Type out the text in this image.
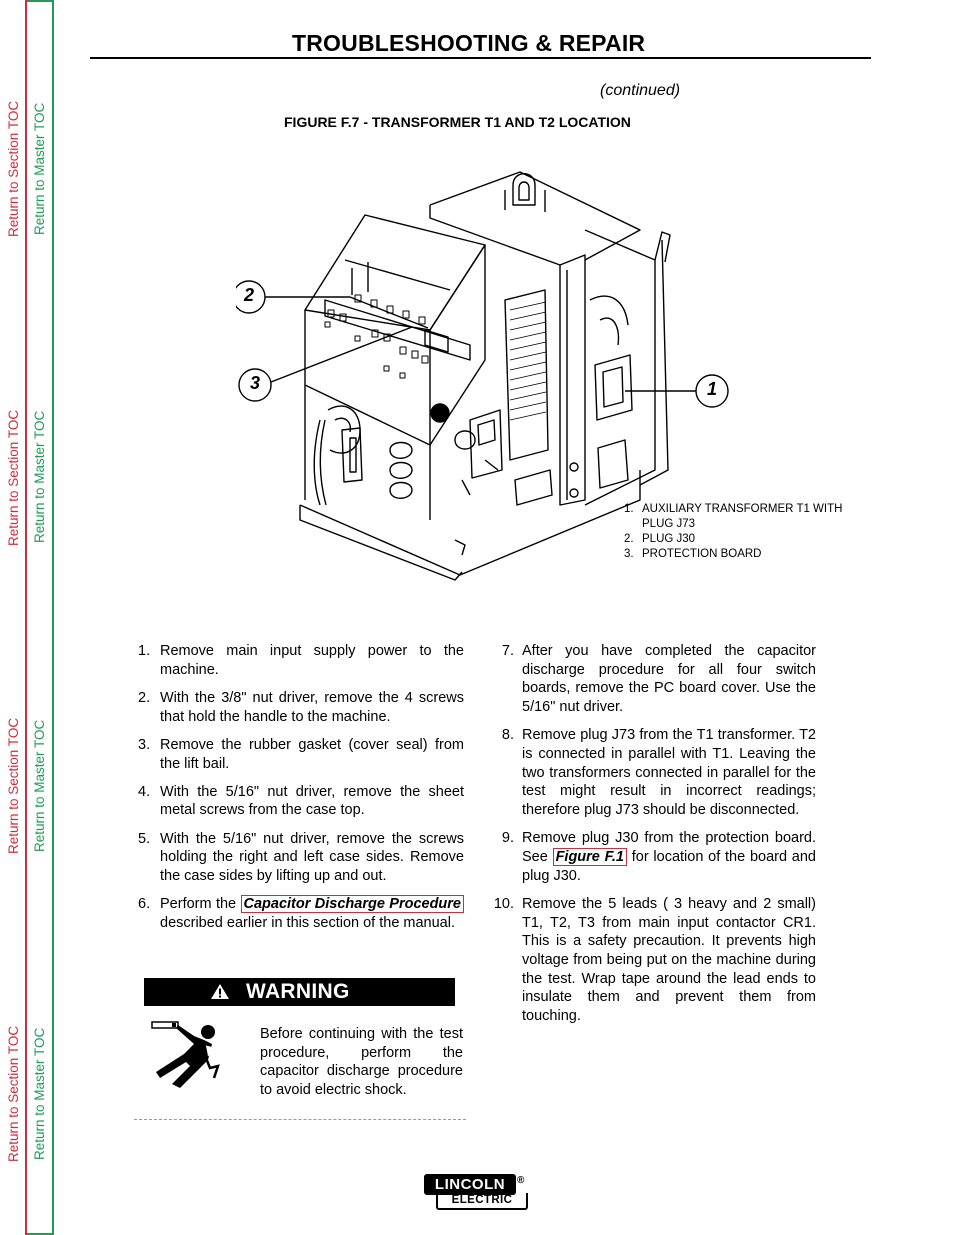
Return to Section TOC Return to Master TOC
Return to Section TOC Return to Master TOC
Return to Section TOC Return to Master TOC
Return to Section TOC Return to Master TOC
TROUBLESHOOTING & REPAIR
(continued)
FIGURE F.7 - TRANSFORMER T1 AND T2 LOCATION
2
3	1
1. AUXILIARY TRANSFORMER T1 WITH PLUG J73
2. PLUG J30
3. PROTECTION BOARD
1. Remove main input supply power to the machine.
2. With the 3/8" nut driver, remove the 4 screws that hold the handle to the machine.
3. Remove the rubber gasket (cover seal) from the lift bail.
4. With the 5/16" nut driver, remove the sheet metal screws from the case top.
5. With the 5/16" nut driver, remove the screws holding the right and left case sides. Remove the case sides by lifting up and out.
6. Perform the Capacitor Discharge Procedure described earlier in this section of the manual.
WARNING
Before continuing with the test procedure, perform the capacitor discharge procedure to avoid electric shock.
7. After you have completed the capacitor discharge procedure for all four switch boards, remove the PC board cover. Use the 5/16" nut driver.
8. Remove plug J73 from the T1 transformer. T2 is connected in parallel with T1. Leaving the two transformers connected in parallel for the test might result in incorrect readings; therefore plug J73 should be disconnected.
9. Remove plug J30 from the protection board. See Figure F.1 for location of the board and plug J30.
10. Remove the 5 leads ( 3 heavy and 2 small) T1, T2, T3 from main input contactor CR1. This is a safety precaution. It prevents high voltage from being put on the machine during the test. Wrap tape around the lead ends to insulate them and prevent them from touching.
LINCOLN
ELECTRIC
®
